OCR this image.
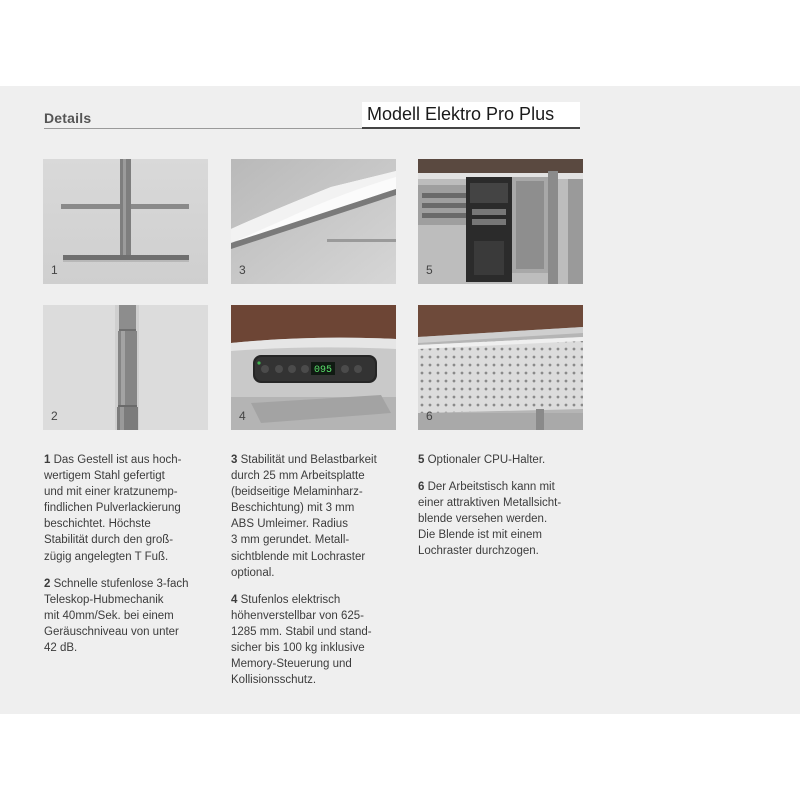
Details	Modell Elektro Pro Plus
1
2
3
095
4
5
6

1 Das Gestell ist aus hoch-

wertigem Stahl gefertigt

und mit einer kratzunemp-

findlichen Pulverlackierung

beschichtet. Höchste

Stabilität durch den groß-

zügig angelegten T Fuß.

2 Schnelle stufenlose 3-fach

Teleskop-Hubmechanik

mit 40mm/Sek. bei einem

Geräuschniveau von unter

42 dB.

3 Stabilität und Belastbarkeit

durch 25 mm Arbeitsplatte

(beidseitige Melaminharz-

Beschichtung) mit 3 mm

ABS Umleimer. Radius

3 mm gerundet. Metall-

sichtblende mit Lochraster

optional.

4 Stufenlos elektrisch

höhenverstellbar von 625-

1285 mm. Stabil und stand-

sicher bis 100 kg inklusive

Memory-Steuerung und

Kollisionsschutz.

5 Optionaler CPU-Halter.

6 Der Arbeitstisch kann mit

einer attraktiven Metallsicht-

blende versehen werden.

Die Blende ist mit einem

Lochraster durchzogen.
